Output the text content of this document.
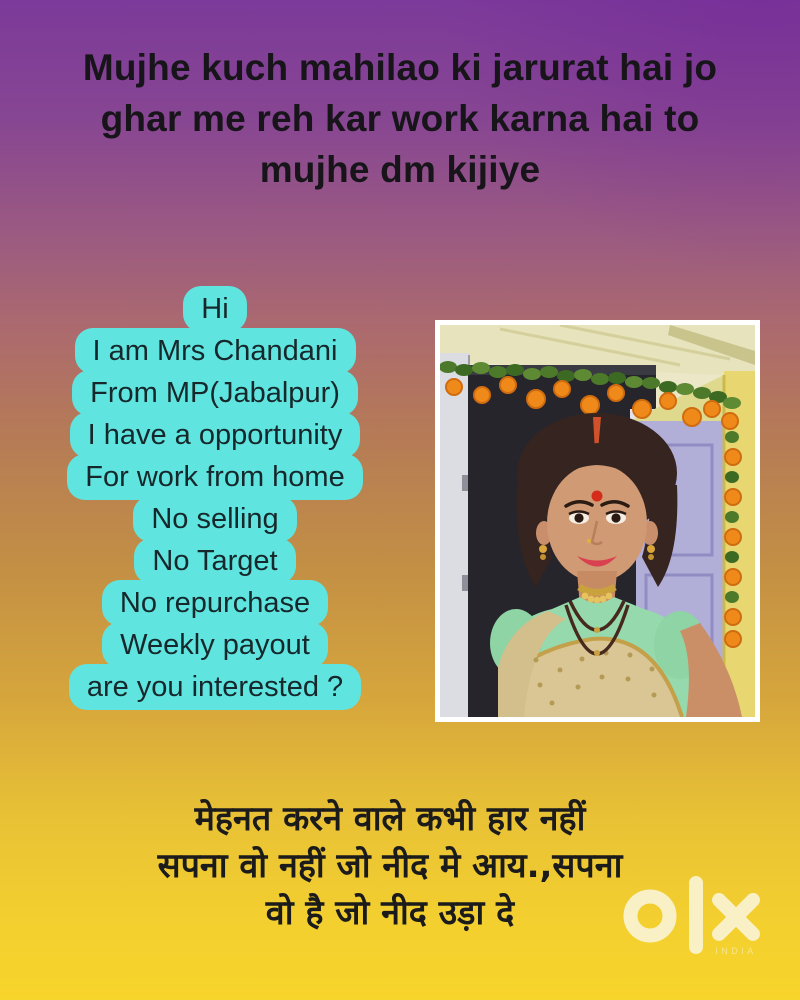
Mujhe kuch mahilao ki jarurat hai jo
ghar me reh kar work karna hai to
mujhe dm kijiye
Hi
I am Mrs Chandani
From MP(Jabalpur)
I have a opportunity
For work from home
No selling
No Target
No repurchase
Weekly payout
are you interested ?
मेहनत करने वाले कभी हार नहीं
सपना वो नहीं जो नीद मे आय.,सपना
वो है जो नीद उड़ा दे
INDIA
